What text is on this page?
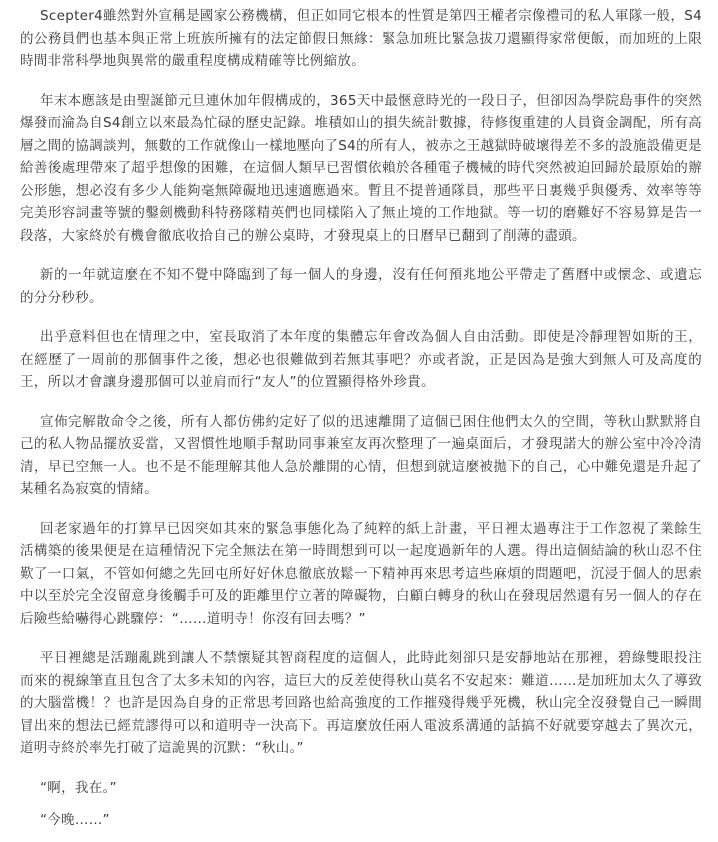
Scepter4雖然對外宣稱是國家公務機構，但正如同它根本的性質是第四王權者宗像禮司的私人軍隊一般，S4的公務員們也基本與正常上班族所擁有的法定節假日無緣：緊急加班比緊急拔刀還顯得家常便飯，而加班的上限時間非常科學地與異常的嚴重程度構成精確等比例縮放。

年末本應該是由聖誕節元旦連休加年假構成的，365天中最愜意時光的一段日子，但卻因為學院島事件的突然爆發而淪為自S4創立以來最為忙碌的歷史記錄。堆積如山的損失統計數據，待修復重建的人員資金調配，所有高層之間的協調談判，無數的工作就像山一樣地壓向了S4的所有人，被赤之王越獄時破壞得差不多的設施設備更是給善後處理帶來了超乎想像的困難，在這個人類早已習慣依賴於各種電子機械的時代突然被迫回歸於最原始的辦公形態，想必沒有多少人能夠毫無障礙地迅速適應過來。暫且不提普通隊員，那些平日裏幾乎與優秀、效率等等完美形容詞畫等號的鑿劍機動科特務隊精英們也同樣陷入了無止境的工作地獄。等一切的磨難好不容易算是告一段落，大家終於有機會徹底收拾自己的辦公桌時，才發現桌上的日曆早已翻到了削薄的盡頭。

新的一年就這麼在不知不覺中降臨到了每一個人的身邊，沒有任何預兆地公平帶走了舊曆中或懷念、或遺忘的分分秒秒。

出乎意料但也在情理之中，室長取消了本年度的集體忘年會改為個人自由活動。即使是冷靜理智如斯的王，在經歷了一周前的那個事件之後，想必也很難做到若無其事吧？亦或者說，正是因為是強大到無人可及高度的王，所以才會讓身邊那個可以並肩而行“友人”的位置顯得格外珍貴。

宣佈完解散命令之後，所有人都仿佛約定好了似的迅速離開了這個已困住他們太久的空間，等秋山默默將自己的私人物品擺放妥當，又習慣性地順手幫助同事兼室友再次整理了一遍桌面后，才發現諾大的辦公室中冷冷清清，早已空無一人。也不是不能理解其他人急於離開的心情，但想到就這麼被拋下的自己，心中難免還是升起了某種名為寂寞的情緒。

回老家過年的打算早已因突如其來的緊急事態化為了純粹的紙上計畫，平日裡太過專注于工作忽視了業餘生活構築的後果便是在這種情況下完全無法在第一時間想到可以一起度過新年的人選。得出這個結論的秋山忍不住歎了一口氣，不管如何總之先回屯所好好休息徹底放鬆一下精神再來思考這些麻煩的問題吧，沉浸于個人的思索中以至於完全沒留意身後觸手可及的距離里佇立著的障礙物，白顧白轉身的秋山在發現居然還有另一個人的存在后險些給嚇得心跳驟停：“……道明寺！你沒有回去嗎？”

平日裡總是活蹦亂跳到讓人不禁懷疑其智商程度的這個人，此時此刻卻只是安靜地站在那裡，碧綠雙眼投注而來的視線筆直且包含了太多未知的內容，這巨大的反差使得秋山莫名不安起來：難道……是加班加太久了導致的大腦當機！？也許是因為自身的正常思考回路也給高強度的工作摧殘得幾乎死機，秋山完全沒發覺自己一瞬間冒出來的想法已經荒謬得可以和道明寺一決高下。再這麼放任兩人電波系溝通的話搞不好就要穿越去了異次元，道明寺終於率先打破了這詭異的沉默：“秋山。”

“啊，我在。”

“今晚……”
